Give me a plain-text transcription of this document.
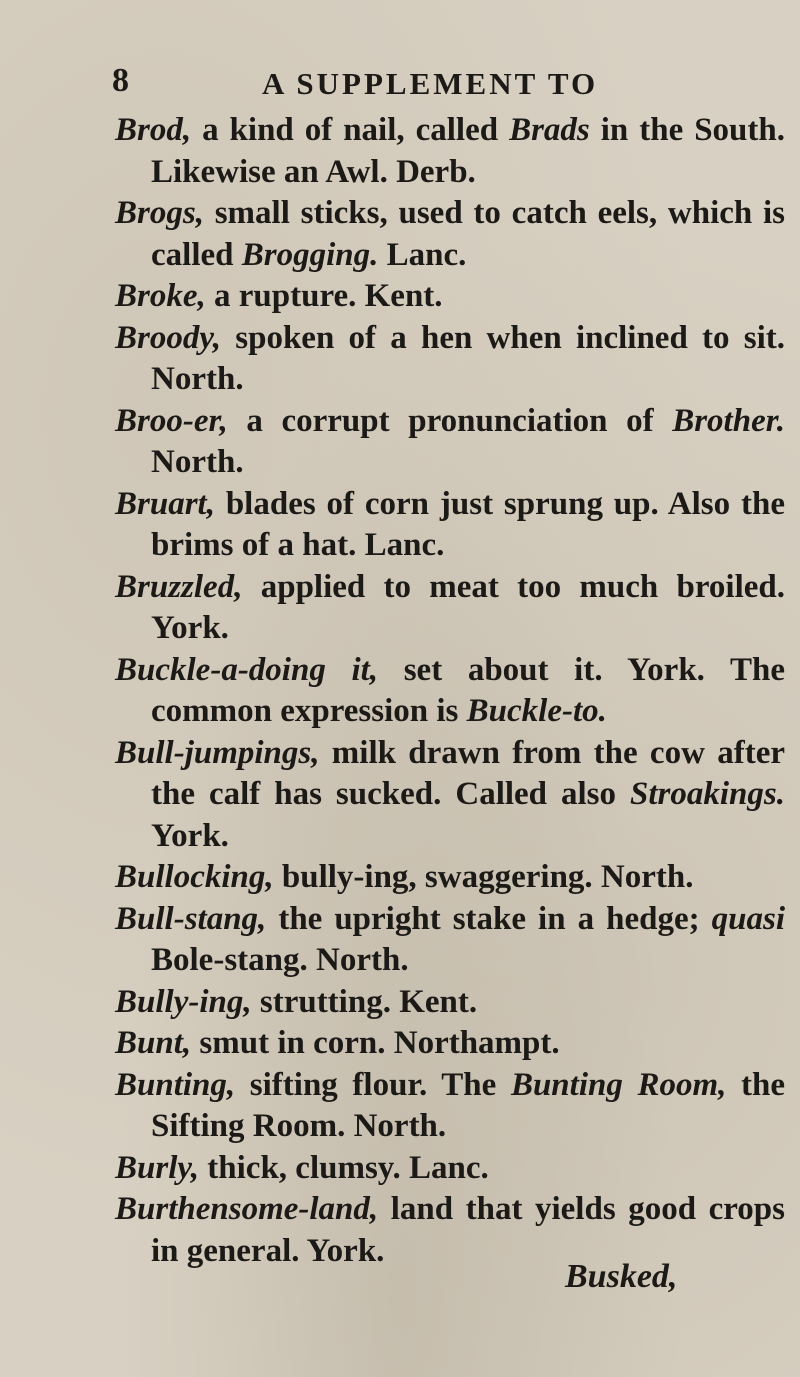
8	A SUPPLEMENT TO

Brod, a kind of nail, called Brads in the South. Likewise an Awl. Derb.

Brogs, small sticks, used to catch eels, which is called Brogging. Lanc.

Broke, a rupture. Kent.

Broody, spoken of a hen when inclined to sit. North.

Broo-er, a corrupt pronunciation of Brother. North.

Bruart, blades of corn just sprung up. Also the brims of a hat. Lanc.

Bruzzled, applied to meat too much broiled. York.

Buckle-a-doing it, set about it. York. The common expression is Buckle-to.

Bull-jumpings, milk drawn from the cow after the calf has sucked. Called also Stroakings. York.

Bullocking, bully-ing, swaggering. North.

Bull-stang, the upright stake in a hedge; quasi Bole-stang. North.

Bully-ing, strutting. Kent.

Bunt, smut in corn. Northampt.

Bunting, sifting flour. The Bunting Room, the Sifting Room. North.

Burly, thick, clumsy. Lanc.

Burthensome-land, land that yields good crops in general. York.

Busked,
